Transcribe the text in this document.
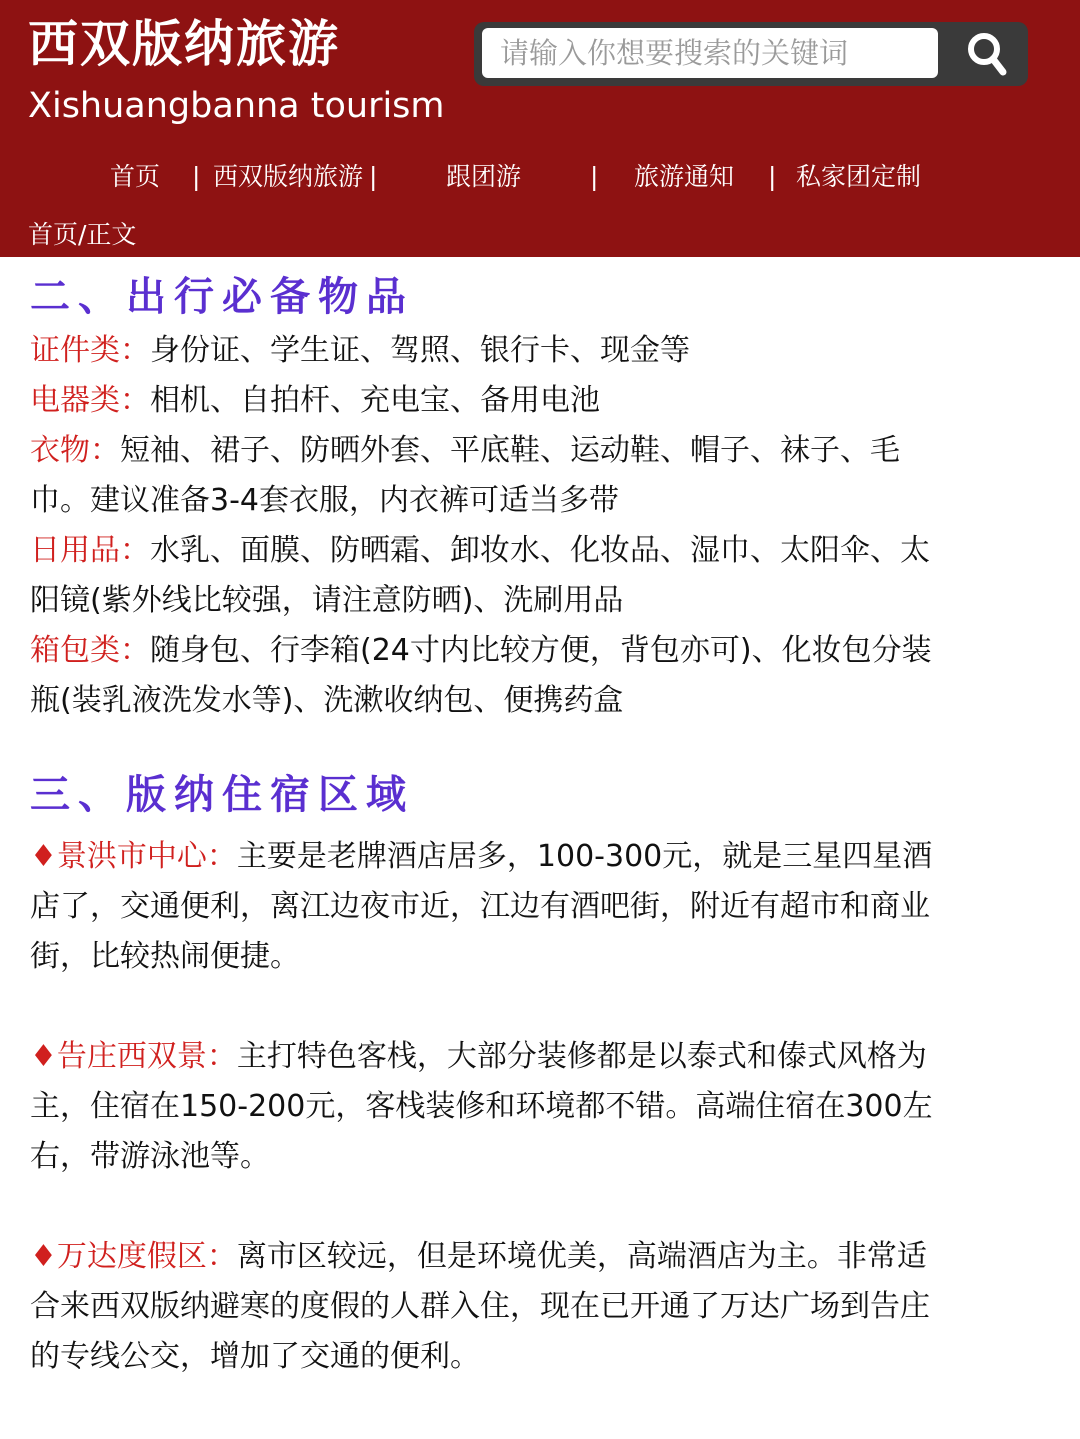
西双版纳旅游
Xishuangbanna tourism
请输入你想要搜索的关键词
首页 | 西双版纳旅游 |	跟团游	| 旅游通知 | 私家团定制
首页/正文
二、出行必备物品

证件类：身份证、学生证、驾照、银行卡、现金等

电器类：相机、自拍杆、充电宝、备用电池

衣物：短袖、裙子、防晒外套、平底鞋、运动鞋、帽子、袜子、毛
巾。建议准备3-4套衣服，内衣裤可适当多带

日用品：水乳、面膜、防晒霜、卸妆水、化妆品、湿巾、太阳伞、太
阳镜(紫外线比较强，请注意防晒)、洗刷用品

箱包类：随身包、行李箱(24寸内比较方便，背包亦可)、化妆包分装
瓶(装乳液洗发水等)、洗漱收纳包、便携药盒

三、版纳住宿区域

♦景洪市中心：主要是老牌酒店居多，100-300元，就是三星四星酒
店了，交通便利，离江边夜市近，江边有酒吧街，附近有超市和商业
街，比较热闹便捷。

♦告庄西双景：主打特色客栈，大部分装修都是以泰式和傣式风格为
主，住宿在150-200元，客栈装修和环境都不错。高端住宿在300左
右，带游泳池等。

♦万达度假区：离市区较远，但是环境优美，高端酒店为主。非常适
合来西双版纳避寒的度假的人群入住，现在已开通了万达广场到告庄
的专线公交，增加了交通的便利。
